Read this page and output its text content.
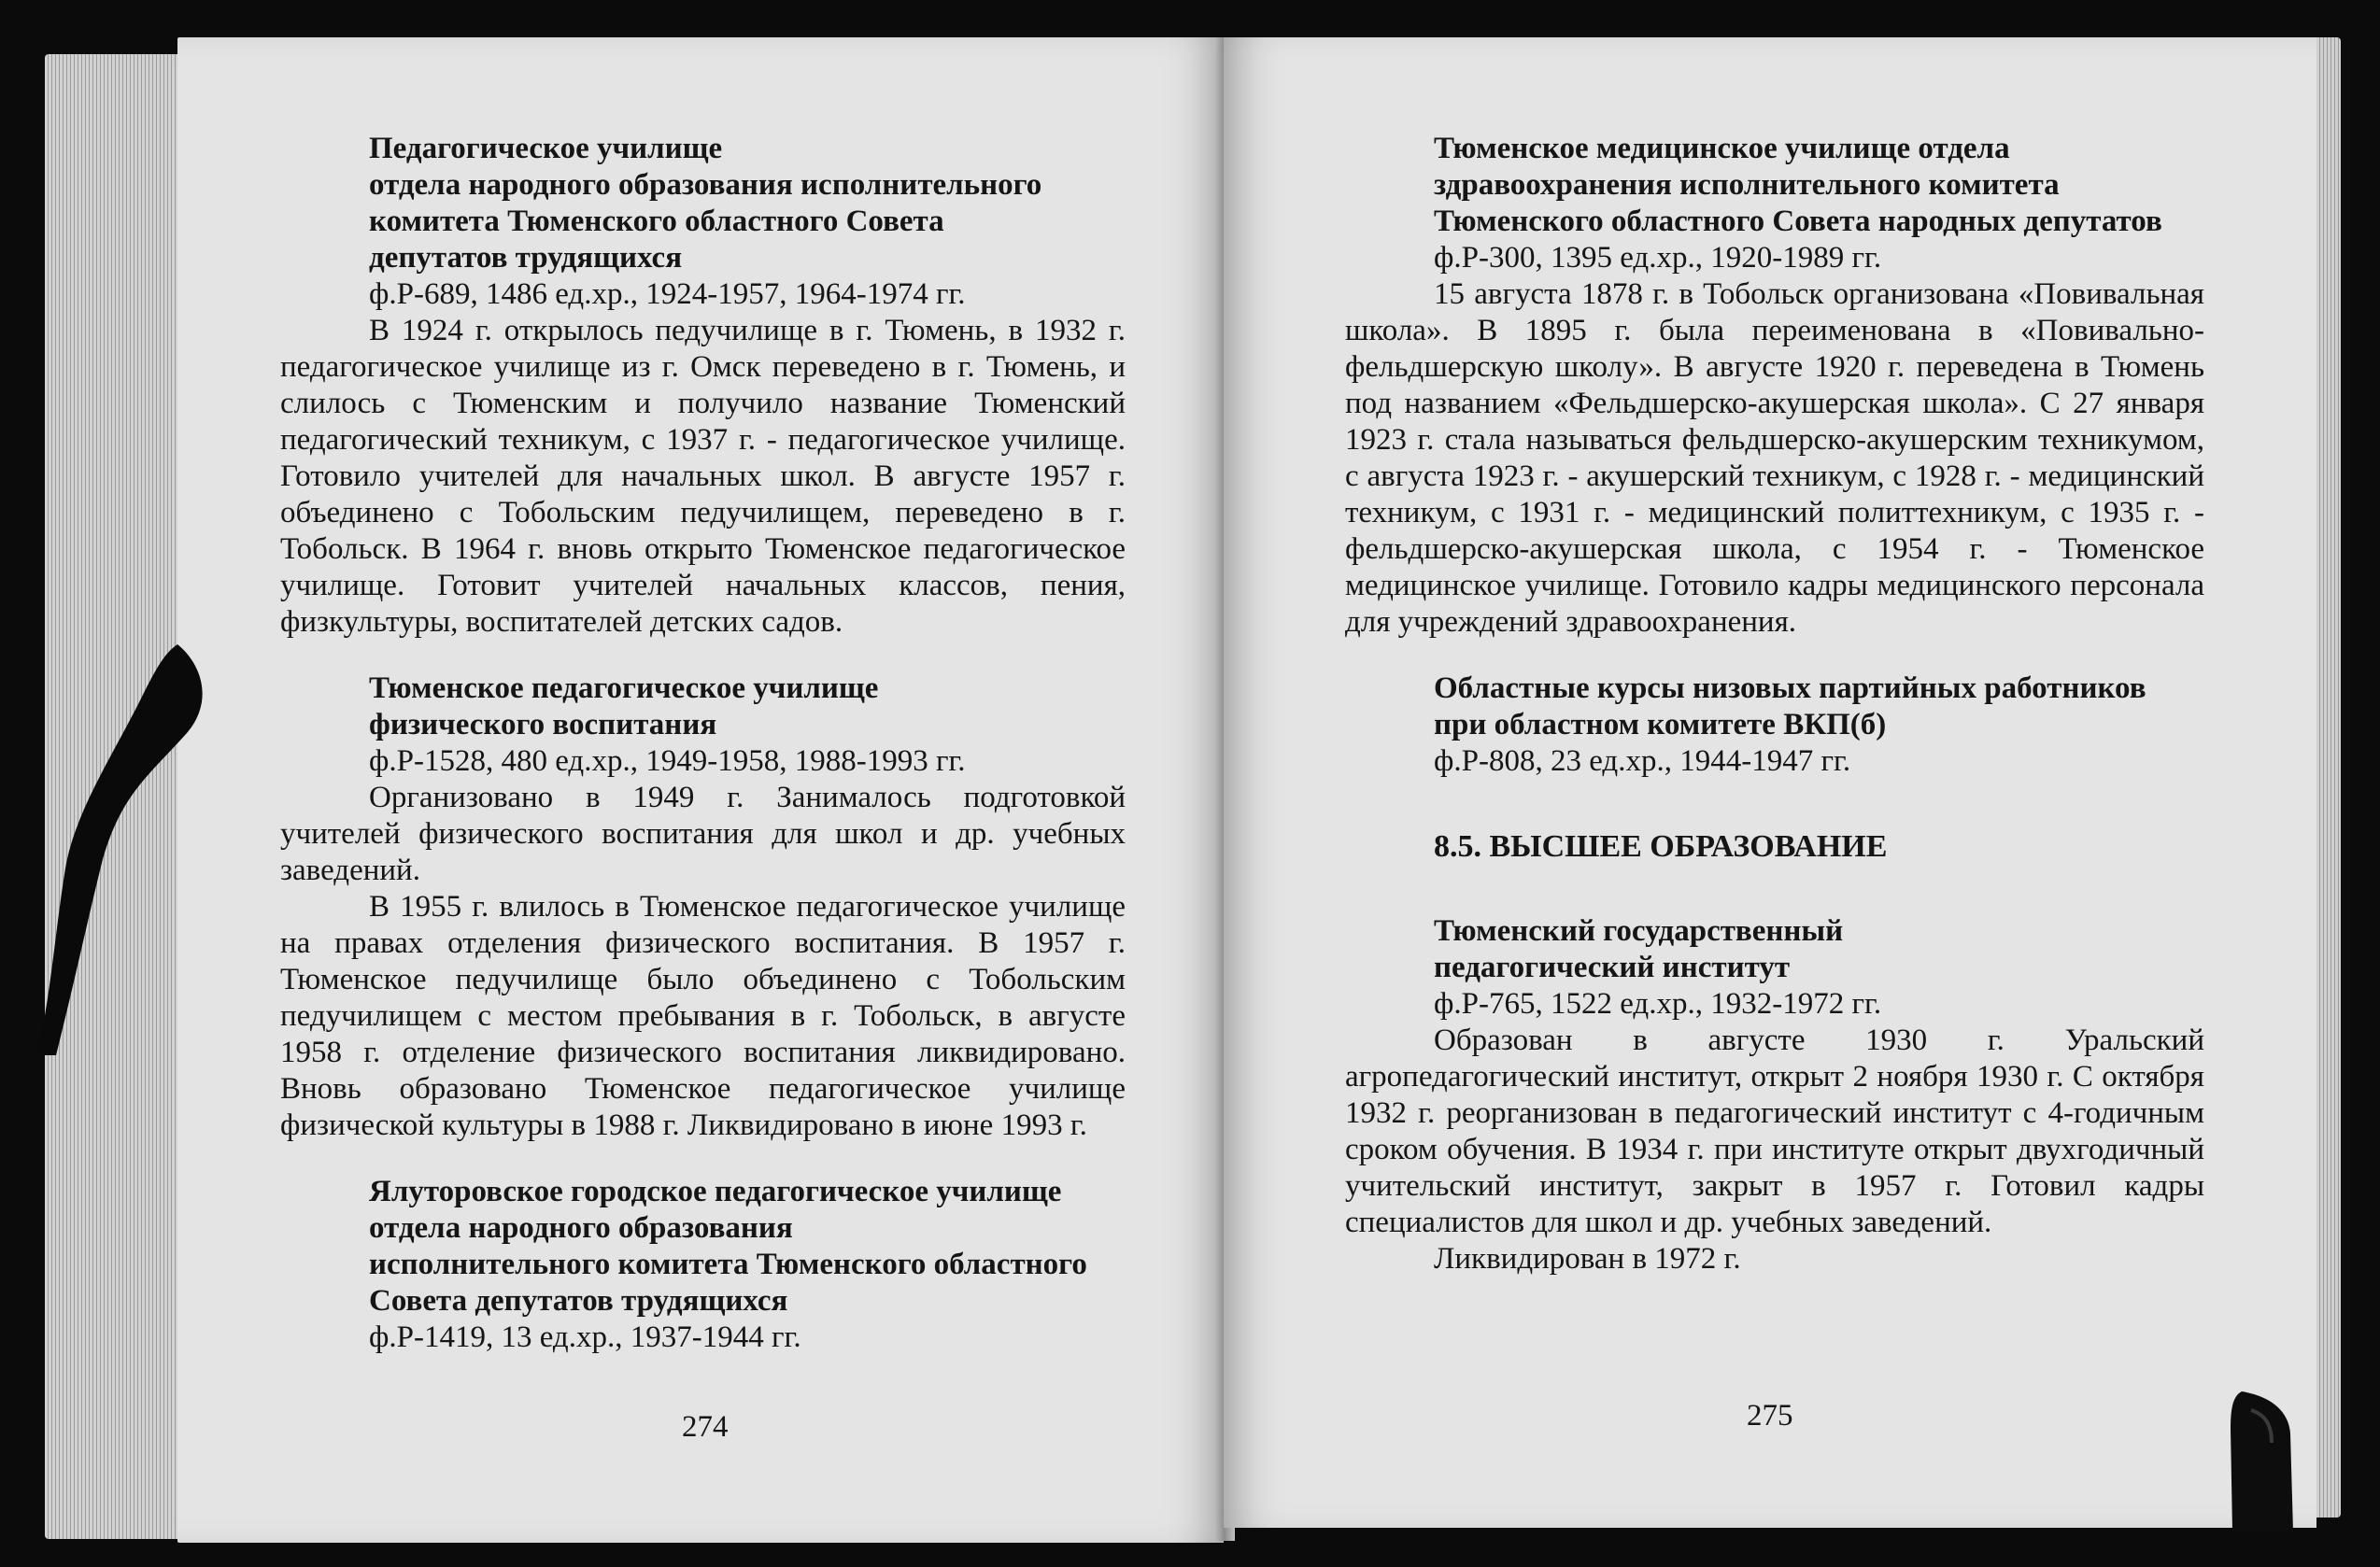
Педагогическое училище
отдела народного образования исполнительного
комитета Тюменского областного Совета
депутатов трудящихся
ф.Р-689, 1486 ед.хр., 1924-1957, 1964-1974 гг.

В 1924 г. открылось педучилище в г. Тюмень, в 1932 г. педагогическое училище из г. Омск переведено в г. Тюмень, и слилось с Тюменским и получило название Тюменский педагогический техникум, с 1937 г. - педагогическое училище. Готовило учителей для начальных школ. В августе 1957 г. объединено с Тобольским педучилищем, переведено в г. Тобольск. В 1964 г. вновь открыто Тюменское педагогическое училище. Готовит учителей начальных классов, пения, физкультуры, воспитателей детских садов.

Тюменское педагогическое училище
физического воспитания
ф.Р-1528, 480 ед.хр., 1949-1958, 1988-1993 гг.

Организовано в 1949 г. Занималось подготовкой учителей физического воспитания для школ и др. учебных заведений.

В 1955 г. влилось в Тюменское педагогическое училище на правах отделения физического воспитания. В 1957 г. Тюменское педучилище было объединено с Тобольским педучилищем с местом пребывания в г. Тобольск, в августе 1958 г. отделение физического воспитания ликвидировано. Вновь образовано Тюменское педагогическое училище физической культуры в 1988 г. Ликвидировано в июне 1993 г.

Ялуторовское городское педагогическое училище
отдела народного образования
исполнительного комитета Тюменского областного
Совета депутатов трудящихся
ф.Р-1419, 13 ед.хр., 1937-1944 гг.
274
Тюменское медицинское училище отдела
здравоохранения исполнительного комитета
Тюменского областного Совета народных депутатов
ф.Р-300, 1395 ед.хр., 1920-1989 гг.

15 августа 1878 г. в Тобольск организована «Повивальная школа». В 1895 г. была переименована в «Повивально-фельдшерскую школу». В августе 1920 г. переведена в Тюмень под названием «Фельдшерско-акушерская школа». С 27 января 1923 г. стала называться фельдшерско-акушерским техникумом, с августа 1923 г. - акушерский техникум, с 1928 г. - медицинский техникум, с 1931 г. - медицинский политтехникум, с 1935 г. - фельдшерско-акушерская школа, с 1954 г. - Тюменское медицинское училище. Готовило кадры медицинского персонала для учреждений здравоохранения.

Областные курсы низовых партийных работников
при областном комитете ВКП(б)
ф.Р-808, 23 ед.хр., 1944-1947 гг.
8.5. ВЫСШЕЕ ОБРАЗОВАНИЕ
Тюменский государственный
педагогический институт
ф.Р-765, 1522 ед.хр., 1932-1972 гг.

Образован в августе 1930 г. Уральский агропедагогический институт, открыт 2 ноября 1930 г. С октября 1932 г. реорганизован в педагогический институт с 4-годичным сроком обучения. В 1934 г. при институте открыт двухгодичный учительский институт, закрыт в 1957 г. Готовил кадры специалистов для школ и др. учебных заведений.

Ликвидирован в 1972 г.

275
